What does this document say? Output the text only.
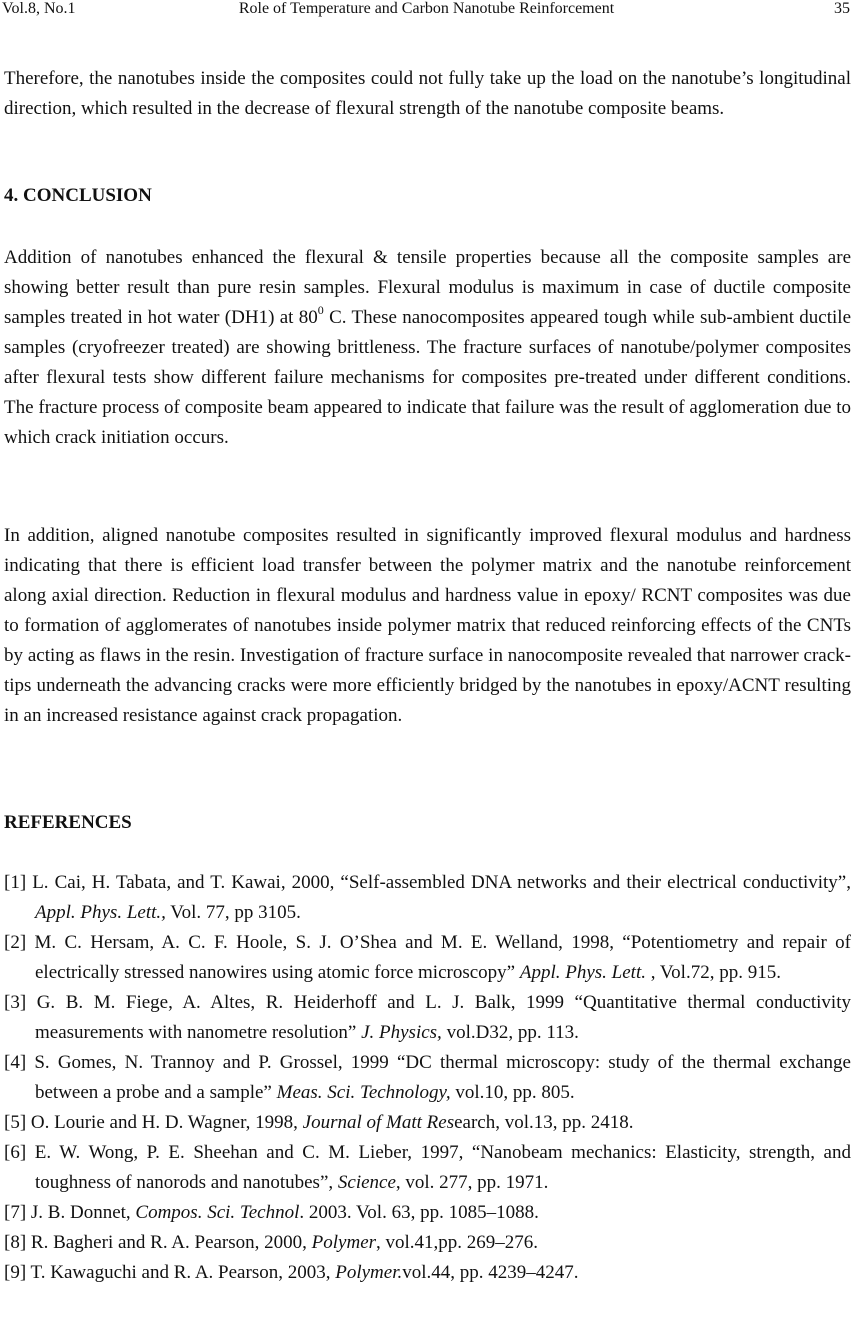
Vol.8, No.1	Role of Temperature and Carbon Nanotube Reinforcement	35

Therefore, the nanotubes inside the composites could not fully take up the load on the nanotube’s longitudinal direction, which resulted in the decrease of flexural strength of the nanotube composite beams.

4. CONCLUSION

Addition of nanotubes enhanced the flexural & tensile properties because all the composite samples are showing better result than pure resin samples. Flexural modulus is maximum in case of ductile composite samples treated in hot water (DH1) at $80^0$ C. These nanocomposites appeared tough while sub-ambient ductile samples (cryofreezer treated) are showing brittleness. The fracture surfaces of nanotube/polymer composites after flexural tests show different failure mechanisms for composites pre-treated under different conditions. The fracture process of composite beam appeared to indicate that failure was the result of agglomeration due to which crack initiation occurs.

In addition, aligned nanotube composites resulted in significantly improved flexural modulus and hardness indicating that there is efficient load transfer between the polymer matrix and the nanotube reinforcement along axial direction. Reduction in flexural modulus and hardness value in epoxy/ RCNT composites was due to formation of agglomerates of nanotubes inside polymer matrix that reduced reinforcing effects of the CNTs by acting as flaws in the resin. Investigation of fracture surface in nanocomposite revealed that narrower crack-tips underneath the advancing cracks were more efficiently bridged by the nanotubes in epoxy/ACNT resulting in an increased resistance against crack propagation.

REFERENCES
[1] L. Cai, H. Tabata, and T. Kawai, 2000, “Self-assembled DNA networks and their electrical conductivity”, Appl. Phys. Lett., Vol. 77, pp 3105.
[2] M. C. Hersam, A. C. F. Hoole, S. J. O’Shea and M. E. Welland, 1998, “Potentiometry and repair of electrically stressed nanowires using atomic force microscopy” Appl. Phys. Lett. , Vol.72, pp. 915.
[3] G. B. M. Fiege, A. Altes, R. Heiderhoff and L. J. Balk, 1999 “Quantitative thermal conductivity measurements with nanometre resolution” J. Physics, vol.D32, pp. 113.
[4] S. Gomes, N. Trannoy and P. Grossel, 1999 “DC thermal microscopy: study of the thermal exchange between a probe and a sample” Meas. Sci. Technology, vol.10, pp. 805.
[5] O. Lourie and H. D. Wagner, 1998, Journal of Matt Research, vol.13, pp. 2418.
[6] E. W. Wong, P. E. Sheehan and C. M. Lieber, 1997, “Nanobeam mechanics: Elasticity, strength, and toughness of nanorods and nanotubes”, Science, vol. 277, pp. 1971.
[7] J. B. Donnet, Compos. Sci. Technol. 2003. Vol. 63, pp. 1085–1088.
[8] R. Bagheri and R. A. Pearson, 2000, Polymer, vol.41,pp. 269–276.
[9] T. Kawaguchi and R. A. Pearson, 2003, Polymer.vol.44, pp. 4239–4247.
